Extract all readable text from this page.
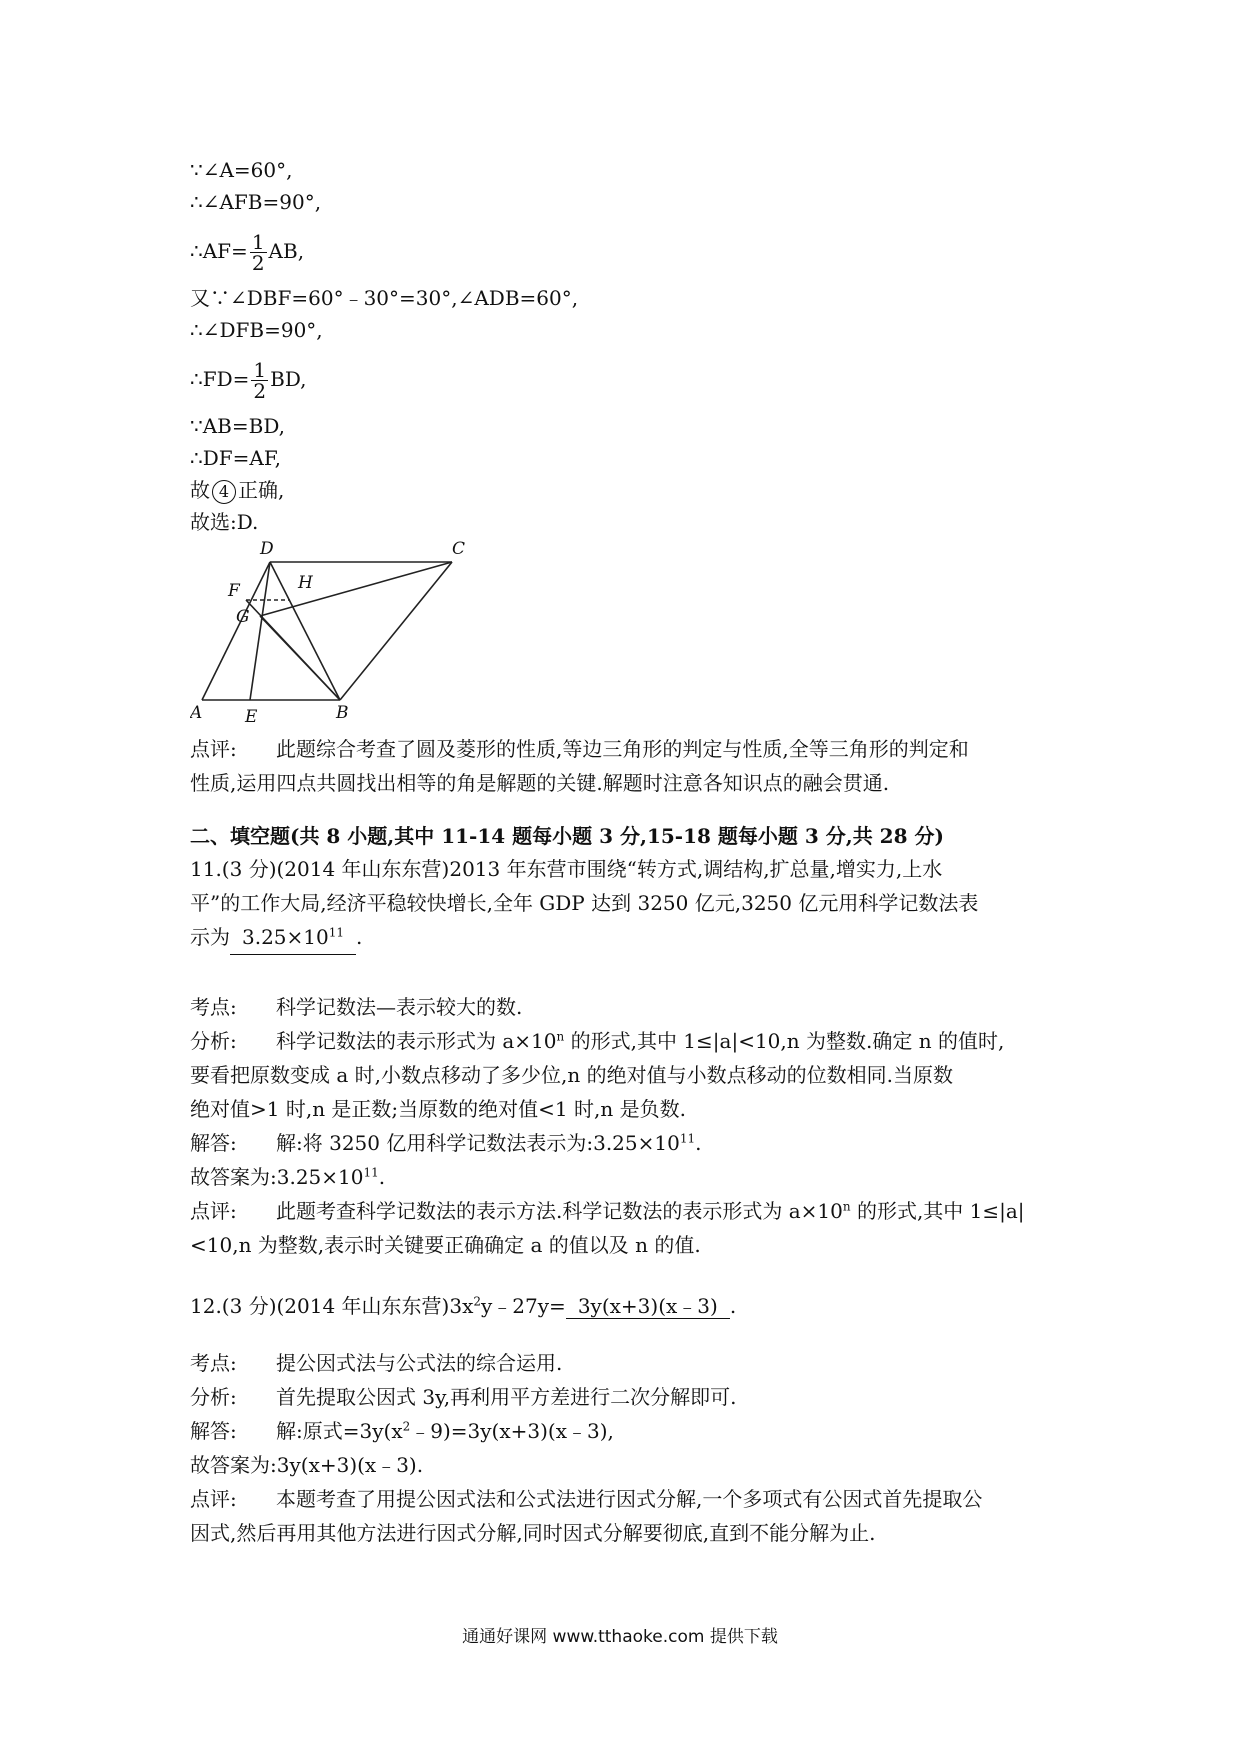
∵∠A=60°,
∴∠AFB=90°,
∴AF= $\frac{1}{2}$ AB,
又∵∠DBF=60°﹣30°=30°,∠ADB=60°,
∴∠DFB=90°,
∴FD= $\frac{1}{2}$ BD,
∵AB=BD,
∴DF=AF,
故 4 正确,
故选:D.
D	C
H
F
G
A	E	B
点评:	此题综合考查了圆及菱形的性质,等边三角形的判定与性质,全等三角形的判定和
性质,运用四点共圆找出相等的角是解题的关键.解题时注意各知识点的融会贯通.
二、填空题(共 8 小题,其中 11-14 题每小题 3 分,15-18 题每小题 3 分,共 28 分)
11.(3 分)(2014 年山东东营)2013 年东营市围绕“转方式,调结构,扩总量,增实力,上水
平”的工作大局,经济平稳较快增长,全年 GDP 达到 3250 亿元,3250 亿元用科学记数法表
示为 $3.25\times 10^{11}$ .
考点:	科学记数法—表示较大的数.
分析:	科学记数法的表示形式为 $a\times 10^n$ 的形式,其中 1≤|a|<10,n 为整数.确定 n 的值时,
要看把原数变成 a 时,小数点移动了多少位,n 的绝对值与小数点移动的位数相同.当原数
绝对值>1 时,n 是正数;当原数的绝对值<1 时,n 是负数.
解答:	解:将 3250 亿用科学记数法表示为$:3.25\times 10^{11}$.
故答案为$:3.25\times 10^{11}$.
点评:	此题考查科学记数法的表示方法.科学记数法的表示形式为 $a\times 10^n$ 的形式,其中 1≤|a|
<10,n 为整数,表示时关键要正确确定 a 的值以及 n 的值.
12.(3 分)(2014 年山东东营)$3x^2y﹣27y=$ 3y(x+3)(x﹣3) .
考点:	提公因式法与公式法的综合运用.
分析:	首先提取公因式 3y,再利用平方差进行二次分解即可.
解答:	解:原式$=3y(x^2﹣9)=3y(x+3)(x﹣3)$,
故答案为:3y(x+3)(x﹣3).
点评:	本题考查了用提公因式法和公式法进行因式分解,一个多项式有公因式首先提取公
因式,然后再用其他方法进行因式分解,同时因式分解要彻底,直到不能分解为止.
通通好课网 www.tthaoke.com 提供下载
